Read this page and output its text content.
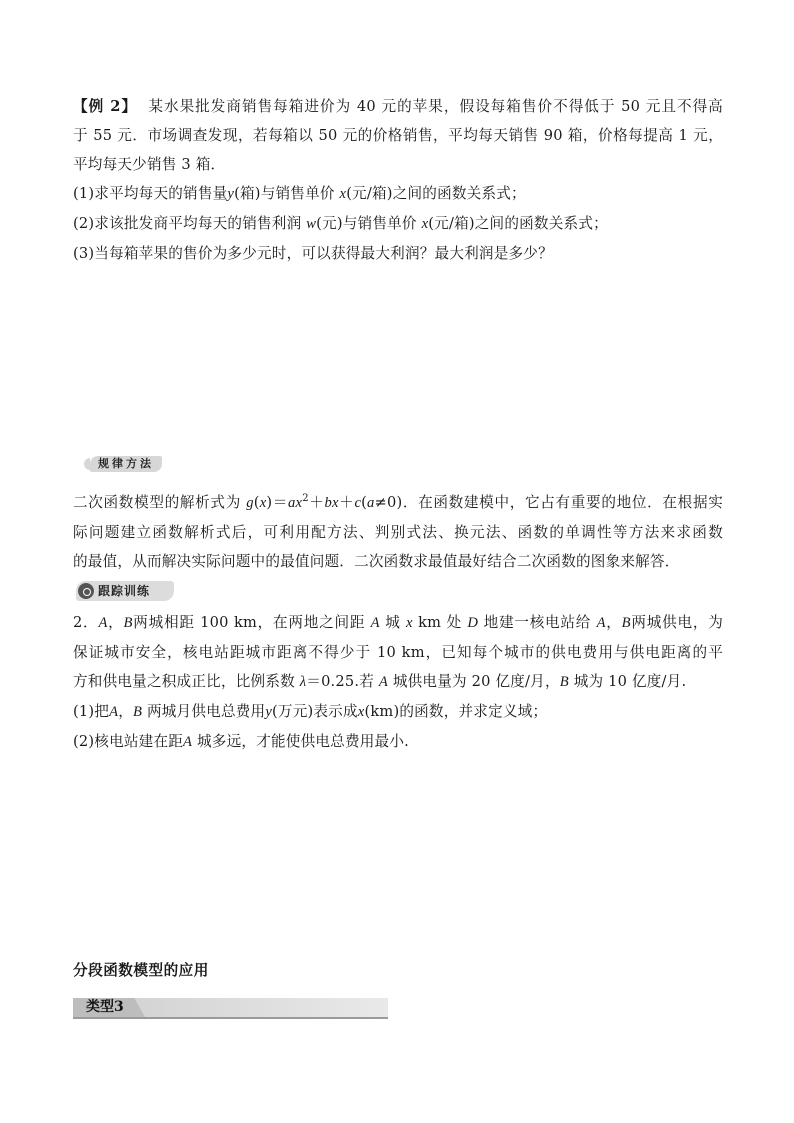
【例 2】 某水果批发商销售每箱进价为 40 元的苹果，假设每箱售价不得低于 50 元且不得高
于 55 元．市场调查发现，若每箱以 50 元的价格销售，平均每天销售 90 箱，价格每提高 1 元，
平均每天少销售 3 箱．
(1)求平均每天的销售量y(箱)与销售单价 x(元/箱)之间的函数关系式；
(2)求该批发商平均每天的销售利润 w(元)与销售单价 x(元/箱)之间的函数关系式；
(3)当每箱苹果的售价为多少元时，可以获得最大利润？最大利润是多少？
规律方法
二次函数模型的解析式为 $g(x)=ax^2+bx+c(a\ne 0)$．在函数建模中，它占有重要的地位．在根据实
际问题建立函数解析式后，可利用配方法、判别式法、换元法、函数的单调性等方法来求函数
的最值，从而解决实际问题中的最值问题．二次函数求最值最好结合二次函数的图象来解答．
跟踪训练
2．A，B两城相距 100 km，在两地之间距 A 城 x km 处 D 地建一核电站给 A，B两城供电，为
保证城市安全，核电站距城市距离不得少于 10 km，已知每个城市的供电费用与供电距离的平
方和供电量之积成正比，比例系数 λ＝0.25.若 A 城供电量为 20 亿度/月，B 城为 10 亿度/月.
(1)把A，B 两城月供电总费用y(万元)表示成x(km)的函数，并求定义域；
(2)核电站建在距A 城多远，才能使供电总费用最小.
分段函数模型的应用
类型3
